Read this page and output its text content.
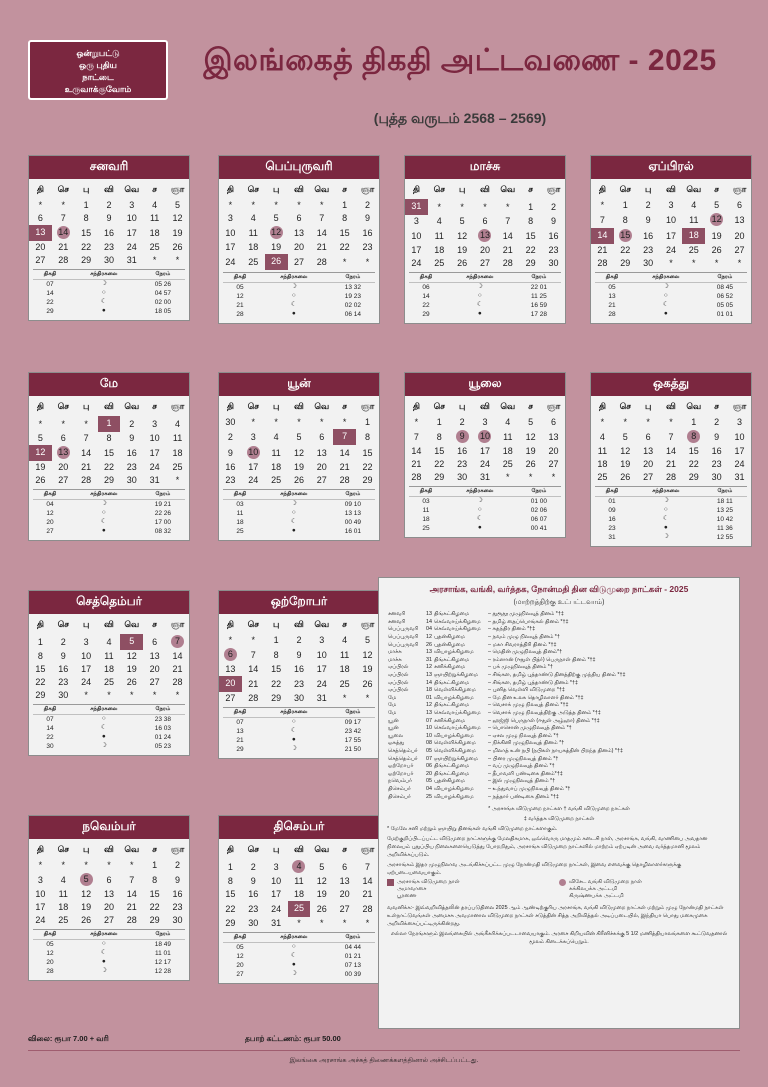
ஒன்றுபட்டு
ஒரு புதிய
நாட்டை
உருவாக்குவோம்
இலங்கைத் திகதி அட்டவணை - 2025
(புத்த வருடம் 2568 – 2569)
சனவரி
தி	செ	பு	வி	வெ	ச	ஞா
*	*	1	2	3	4	5
6	7	8	9	10	11	12
13	14	15	16	17	18	19
20	21	22	23	24	25	26
27	28	29	30	31	*	*
திகதி	சந்திரகலை	நேரம்
07	☽	05 26
14	○	04 57
22	☾	02 00
29	●	18 05
பெப்புருவரி
தி	செ	பு	வி	வெ	ச	ஞா
*	*	*	*	*	1	2
3	4	5	6	7	8	9
10	11	12	13	14	15	16
17	18	19	20	21	22	23
24	25	26	27	28	*	*
திகதி	சந்திரகலை	நேரம்
05	☽	13 32
12	○	19 23
21	☾	02 02
28	●	06 14
மாச்சு
தி	செ	பு	வி	வெ	ச	ஞா
31	*	*	*	*	1	2
3	4	5	6	7	8	9
10	11	12	13	14	15	16
17	18	19	20	21	22	23
24	25	26	27	28	29	30
திகதி	சந்திரகலை	நேரம்
06	☽	22 01
14	○	11 25
22	☾	16 59
29	●	17 28
ஏப்பிரல்
தி	செ	பு	வி	வெ	ச	ஞா
*	1	2	3	4	5	6
7	8	9	10	11	12	13
14	15	16	17	18	19	20
21	22	23	24	25	26	27
28	29	30	*	*	*	*
திகதி	சந்திரகலை	நேரம்
05	☽	08 45
13	○	06 52
21	☾	05 05
28	●	01 01
மே
தி	செ	பு	வி	வெ	ச	ஞா
*	*	*	1	2	3	4
5	6	7	8	9	10	11
12	13	14	15	16	17	18
19	20	21	22	23	24	25
26	27	28	29	30	31	*
திகதி	சந்திரகலை	நேரம்
04	☽	19 21
12	○	22 26
20	☾	17 00
27	●	08 32
யூன்
தி	செ	பு	வி	வெ	ச	ஞா
30	*	*	*	*	*	1
2	3	4	5	6	7	8
9	10	11	12	13	14	15
16	17	18	19	20	21	22
23	24	25	26	27	28	29
திகதி	சந்திரகலை	நேரம்
03	☽	09 10
11	○	13 13
18	☾	00 49
25	●	16 01
யூலை
தி	செ	பு	வி	வெ	ச	ஞா
*	1	2	3	4	5	6
7	8	9	10	11	12	13
14	15	16	17	18	19	20
21	22	23	24	25	26	27
28	29	30	31	*	*	*
திகதி	சந்திரகலை	நேரம்
03	☽	01 00
11	○	02 06
18	☾	06 07
25	●	00 41
ஒகத்து
தி	செ	பு	வி	வெ	ச	ஞா
*	*	*	*	1	2	3
4	5	6	7	8	9	10
11	12	13	14	15	16	17
18	19	20	21	22	23	24
25	26	27	28	29	30	31
திகதி	சந்திரகலை	நேரம்
01	☽	18 11
09	○	13 25
16	☾	10 42
23	●	11 36
31	☽	12 55
செத்தெம்பர்
தி	செ	பு	வி	வெ	ச	ஞா
1	2	3	4	5	6	7
8	9	10	11	12	13	14
15	16	17	18	19	20	21
22	23	24	25	26	27	28
29	30	*	*	*	*	*
திகதி	சந்திரகலை	நேரம்
07	○	23 38
14	☾	16 03
22	●	01 24
30	☽	05 23
ஒற்றோபர்
தி	செ	பு	வி	வெ	ச	ஞா
*	*	1	2	3	4	5
6	7	8	9	10	11	12
13	14	15	16	17	18	19
20	21	22	23	24	25	26
27	28	29	30	31	*	*
திகதி	சந்திரகலை	நேரம்
07	○	09 17
13	☾	23 42
21	●	17 55
29	☽	21 50
நவெம்பர்
தி	செ	பு	வி	வெ	ச	ஞா
*	*	*	*	*	1	2
3	4	5	6	7	8	9
10	11	12	13	14	15	16
17	18	19	20	21	22	23
24	25	26	27	28	29	30
திகதி	சந்திரகலை	நேரம்
05	○	18 49
12	☾	11 01
20	●	12 17
28	☽	12 28
திசெம்பர்
தி	செ	பு	வி	வெ	ச	ஞா
1	2	3	4	5	6	7
8	9	10	11	12	13	14
15	16	17	18	19	20	21
22	23	24	25	26	27	28
29	30	31	*	*	*	*
திகதி	சந்திரகலை	நேரம்
05	○	04 44
12	☾	01 21
20	●	07 13
27	☽	00 39
அரசாங்க, வங்கி, வர்த்தக, நோன்மதி தின விடுமுறை நாட்கள் - 2025
(மாற்றத்திற்கு உட்பட்டவாம்)
சனவரி	13	திங்கட்கிழமை	– துரூதூ முழுநிலவுத் தினம் *†‡
சனவரி	14	செவ்வாய்க்கிழமை	– தமிழ் தைப்பொங்கல் தினம் *†‡
பெப்புருவரி	04	செவ்வாய்க்கிழமை	– சுதந்திர தினம் *†‡
பெப்புருவரி	12	புதன்கிழமை	– நவம் முழு நிலவுத் தினம் *†
பெப்புருவரி	26	புதன்கிழமை	– மகா சிவராத்திரி தினம் *†‡
மாச்சு	13	வியாழக்கிழமை	– மெதின் முழுநிலவுத் தினம்*†
மாச்சு	31	திங்கட்கிழமை	– ரம்ஸான் (ஈதுள் பித்ர்) பெருநாள் தினம் *†‡
ஏப்பிரல்	12	சனிக்கிழமை	– பக் முழுநிலவுத் தினம் *†
ஏப்பிரல்	13	ஞாயிற்றுக்கிழமை	– சிங்கள, தமிழ் புத்தாண்டு தினத்திற்கு முந்திய தினம் *†‡
ஏப்பிரல்	14	திங்கட்கிழமை	– சிங்கள, தமிழ் புத்தாண்டு தினம் *†‡
ஏப்பிரல்	18	வெள்ளிக்கிழமை	– புனித வெள்ளி விடுமுறை *†‡
மே	01	வியாழக்கிழமை	– மே தின உலக தொழிலாளர் தினம் *†‡
மே	12	திங்கட்கிழமை	– வெசாக் முழு நிலவுத் தினம் *†‡
மே	13	செவ்வாய்க்கிழமை	– வெசாக் முழு நிலவுத்திற்கு அடுத்த தினம் *†‡
யூன்	07	சனிக்கிழமை	– ஹஜ்ஜி பெருநாள் (ஈதுள் அழ்ஹா) தினம் *†‡
யூன்	10	செவ்வாய்க்கிழமை	– பொசொன் முழுநிலவுத் தினம் *†
யூலை	10	வியாழக்கிழமை	– ஏசல முழு நிலவுத் தினம் *†
ஒகத்து	08	வெள்ளிக்கிழமை	– நிக்கினி முழுநிலவுத் தினம் *†
செத்தெம்பர்	05	வெள்ளிக்கிழமை	– மிலாத் உன் நபி (நபிகள் நாயகத்தின் பிறந்த தினம்) *†‡
செத்தெம்பர்	07	ஞாயிற்றுக்கிழமை	– பினர முழுநிலவுத் தினம் *†
ஒற்றோபர்	06	திங்கட்கிழமை	– வப் முழுநிலவுத் தினம் *†
ஒற்றோபர்	20	திங்கட்கிழமை	– தீபாவளி பண்டிகை தினம்*†‡
நவெம்பர்	05	புதன்கிழமை	– இல் முழுநிலவுத் தினம் *†
திசெம்பர்	04	வியாழக்கிழமை	– உந்துவாப் முழுநிலவுத் தினம் *†
திசெம்பர்	25	வியாழக்கிழமை	– நத்தார் பண்டிகை தினம் *†‡

* அரசாங்க விடுமுறை நாட்கள † வங்கி விடுமுறை நாட்கள்

‡ வர்த்தக விடுமுறை நாட்கள்

* மேலே சனி மற்றும் ஞாயிறு தினங்கள் வங்கி விடுமுறை நாட்களாகும்.

மேற்குறிப்பிடப்பட்ட விடுமுறை நாட்களுக்கு மேலதிகமாக, ஒவ்வொரு மாதமும் கடைசி நாள், அரசாங்க, வங்கி, வாணிபை அவதான நிலையம் புதுப்பிய நிலைகளையெடுத்து போறறிதும், அரசாங்க விடுமுறை நாட்களில் மாற்றம் ஏற்படின் அவை வர்த்தமானி மூலம் அறிவிக்கப்படும்.

அரசாங்கம் இதர முழுநிலாவ அடங்கிச்சுப்பட்ட முழு நோன்மதி விடுமுறை நாட்கள், இவை எவைக்கு தொழிலாளர்களுக்கு ஏற்படையவையாகும்.

அரசாங்க விடுமுறை நாள்
அமாவாசை
பூரணை
விசேட வங்கி விடுமுறை நாள்
சுக்கிலபக்க அட்டமி
கிருஷ்ணபக்க அட்டமி

வவனிக்க:- இவ்வறிவித்தலின் தரப்படுதிலை 2025 ஆம் ஆண்டிற்குரிய அரசாங்க, வங்கி விடுமுறை நாட்கள் மற்றும் முழு நோன்மதி நாட்கள் உள்நாட்டுவங்கள் அமைசசு அவமானால விடுமுறை நாட்கள் சடுத்தின் சித்த அறிவித்தல் அடிப்படையில், இந்தியா பொது மகைமுகை அறிவிக்கைப்பட்டிருக்கின்றது.

எல்லா நேரங்களும் இலங்கையில் அங்கீகரிக்கப்படடாவையாகும். அரசை கிறியவின் கிரீனிச்சுக்கு 5 1/2 மணித்தியாலங்களை கூட்டுவதனால் மூலம் கிடைக்கப்பெறும்.

விலை: ரூபா 7.00 + வரி	தபாற் கட்டணம்: ரூபா 50.00
இலங்கை அரசாங்க அச்சுத் திணைக்களத்தினால் அச்சிடப்பட்டது.
